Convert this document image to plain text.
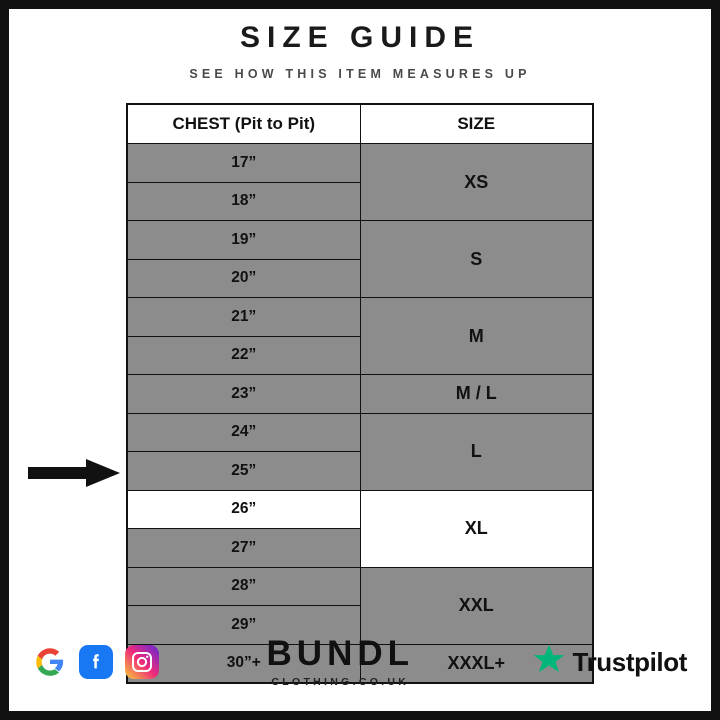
SIZE GUIDE
SEE HOW THIS ITEM MEASURES UP
CHEST (Pit to Pit)	SIZE
17”	XS
18”	
19”	S
20”	
21”	M
22”	
23”	M / L
24”	L
25”	
26”	XL
27”	
28”	XXL
29”	
30”+	XXXL+
BUNDL
CLOTHING.CO.UK
Trustpilot
